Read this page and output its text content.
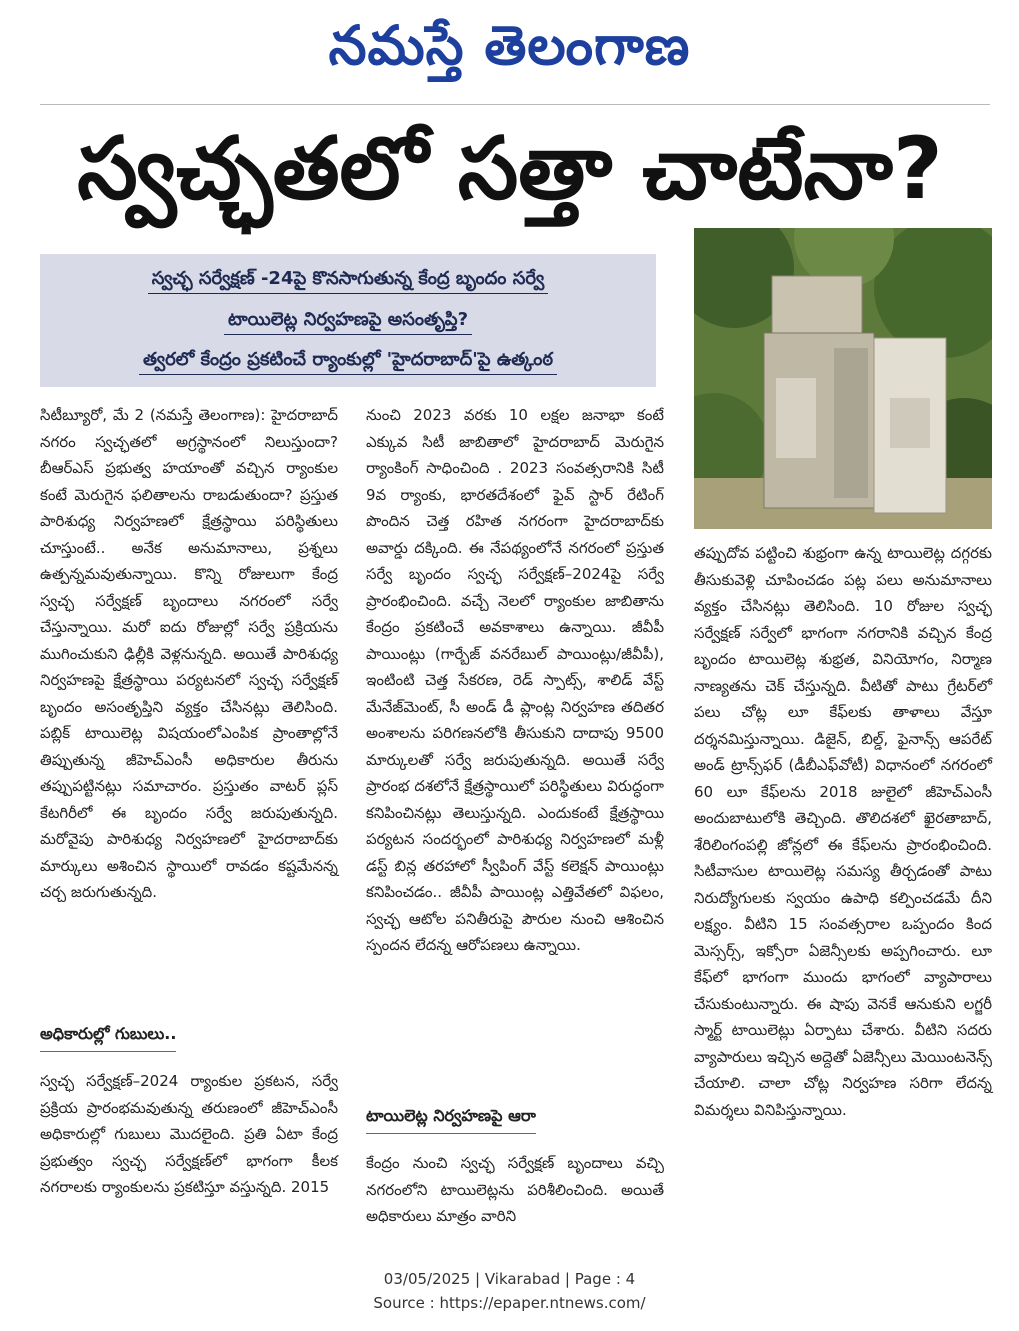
నమస్తే తెలంగాణ
స్వచ్ఛతలో సత్తా చాటేనా?
స్వచ్ఛ సర్వేక్షణ్ -24పై కొనసాగుతున్న కేంద్ర బృందం సర్వే
టాయిలెట్ల నిర్వహణపై అసంతృప్తి?
త్వరలో కేంద్రం ప్రకటించే ర్యాంకుల్లో 'హైదరాబాద్'పై ఉత్కంఠ

సిటీబ్యూరో, మే 2 (నమస్తే తెలంగాణ): హైదరాబాద్ నగరం స్వచ్ఛతలో అగ్రస్థానంలో నిలుస్తుందా? బీఆర్ఎస్ ప్రభుత్వ హయాంతో వచ్చిన ర్యాంకుల కంటే మెరుగైన ఫలితాలను రాబడుతుందా? ప్రస్తుత పారిశుధ్య నిర్వహణలో క్షేత్రస్థాయి పరిస్థితులు చూస్తుంటే.. అనేక అనుమానాలు, ప్రశ్నలు ఉత్పన్నమవుతున్నాయి. కొన్ని రోజులుగా కేంద్ర స్వచ్ఛ సర్వేక్షణ్ బృందాలు నగరంలో సర్వే చేస్తున్నాయి. మరో ఐదు రోజుల్లో సర్వే ప్రక్రియను ముగించుకుని ఢిల్లీకి వెళ్లనున్నది. అయితే పారిశుధ్య నిర్వహణపై క్షేత్రస్థాయి పర్యటనలో స్వచ్ఛ సర్వేక్షణ్ బృందం అసంతృప్తిని వ్యక్తం చేసినట్లు తెలిసింది. పబ్లిక్ టాయిలెట్ల విషయంలోఎంపిక ప్రాంతాల్లోనే తిప్పుతున్న జీహెచ్ఎంసీ అధికారుల తీరును తప్పుపట్టినట్లు సమాచారం. ప్రస్తుతం వాటర్ ప్లస్ కేటగిరీలో ఈ బృందం సర్వే జరుపుతున్నది. మరోవైపు పారిశుధ్య నిర్వహణలో హైదరాబాద్‌కు మార్కులు అశించిన స్థాయిలో రావడం కష్టమేనన్న చర్చ జరుగుతున్నది.

అధికారుల్లో గుబులు..

స్వచ్ఛ సర్వేక్షణ్–2024 ర్యాంకుల ప్రకటన, సర్వే ప్రక్రియ ప్రారంభమవుతున్న తరుణంలో జీహెచ్ఎంసీ అధికారుల్లో గుబులు మొదలైంది. ప్రతి ఏటా కేంద్ర ప్రభుత్వం స్వచ్ఛ సర్వేక్షణ్‌లో భాగంగా కీలక నగరాలకు ర్యాంకులను ప్రకటిస్తూ వస్తున్నది. 2015

నుంచి 2023 వరకు 10 లక్షల జనాభా కంటే ఎక్కువ సిటీ జాబితాలో హైదరాబాద్ మెరుగైన ర్యాంకింగ్ సాధించింది . 2023 సంవత్సరానికి సిటీ 9వ ర్యాంకు, భారతదేశంలో ఫైవ్ స్టార్ రేటింగ్ పొందిన చెత్త రహిత నగరంగా హైదరాబాద్‌కు అవార్డు దక్కింది. ఈ నేపథ్యంలోనే నగరంలో ప్రస్తుత సర్వే బృందం స్వచ్ఛ సర్వేక్షణ్–2024పై సర్వే ప్రారంభించింది. వచ్చే నెలలో ర్యాంకుల జాబితాను కేంద్రం ప్రకటించే అవకాశాలు ఉన్నాయి. జీవీపీ పాయింట్లు (గార్బేజ్ వనరేబుల్ పాయింట్లు/జీవీపీ), ఇంటింటి చెత్త సేకరణ, రెడ్ స్పాట్స్, శాలిడ్ వేస్ట్ మేనేజ్‌మెంట్, సీ అండ్ డీ ప్లాంట్ల నిర్వహణ తదితర అంశాలను పరిగణనలోకి తీసుకుని దాదాపు 9500 మార్కులతో సర్వే జరుపుతున్నది. అయితే సర్వే ప్రారంభ దశలోనే క్షేత్రస్థాయిలో పరిస్థితులు విరుద్ధంగా కనిపించినట్లు తెలుస్తున్నది. ఎందుకంటే క్షేత్రస్థాయి పర్యటన సందర్భంలో పారిశుధ్య నిర్వహణలో మళ్లీ డస్ట్ బిన్ల తరహాలో స్వీపింగ్ వేస్ట్ కలెక్షన్ పాయింట్లు కనిపించడం.. జీవీపీ పాయింట్ల ఎత్తివేతలో విఫలం, స్వచ్ఛ ఆటోల పనితీరుపై పౌరుల నుంచి ఆశించిన స్పందన లేదన్న ఆరోపణలు ఉన్నాయి.

టాయిలెట్ల నిర్వహణపై ఆరా

కేంద్రం నుంచి స్వచ్ఛ సర్వేక్షణ్ బృందాలు వచ్చి నగరంలోని టాయిలెట్లను పరిశీలించింది. అయితే అధికారులు మాత్రం వారిని

తప్పుదోవ పట్టించి శుభ్రంగా ఉన్న టాయిలెట్ల దగ్గరకు తీసుకువెళ్లి చూపించడం పట్ల పలు అనుమానాలు వ్యక్తం చేసినట్లు తెలిసింది. 10 రోజుల స్వచ్ఛ సర్వేక్షణ్ సర్వేలో భాగంగా నగరానికి వచ్చిన కేంద్ర బృందం టాయిలెట్ల శుభ్రత, వినియోగం, నిర్మాణ నాణ్యతను చెక్ చేస్తున్నది. వీటితో పాటు గ్రేటర్‌లో పలు చోట్ల లూ కేఫ్‌లకు తాళాలు వేస్తూ దర్శనమిస్తున్నాయి. డిజైన్, బిల్డ్, ఫైనాన్స్ ఆపరేట్ అండ్ ట్రాన్స్‌ఫర్ (డీబీఎఫ్‌వోటీ) విధానంలో నగరంలో 60 లూ కేఫ్‌లను 2018 జులైలో జీహెచ్ఎంసీ అందుబాటులోకి తెచ్చింది. తొలిదశలో ఖైరతాబాద్, శేరిలింగంపల్లి జోన్లలో ఈ కేఫ్‌లను ప్రారంభించింది. సిటీవాసుల టాయిలెట్ల సమస్య తీర్చడంతో పాటు నిరుద్యోగులకు స్వయం ఉపాధి కల్పించడమే దీని లక్ష్యం. వీటిని 15 సంవత్సరాల ఒప్పందం కింద మెస్సర్స్, ఇక్సోరా ఏజెన్సీలకు అప్పగించారు. లూ కేఫ్‌లో భాగంగా ముందు భాగంలో వ్యాపారాలు చేసుకుంటున్నారు. ఈ షాపు వెనకే ఆనుకుని లగ్జరీ స్మార్ట్ టాయిలెట్లు ఏర్పాటు చేశారు. వీటిని సదరు వ్యాపారులు ఇచ్చిన అద్దెతో ఏజెన్సీలు మెయింటనెన్స్ చేయాలి. చాలా చోట్ల నిర్వహణ సరిగా లేదన్న విమర్శలు వినిపిస్తున్నాయి.

03/05/2025 | Vikarabad | Page : 4
Source : https://epaper.ntnews.com/
